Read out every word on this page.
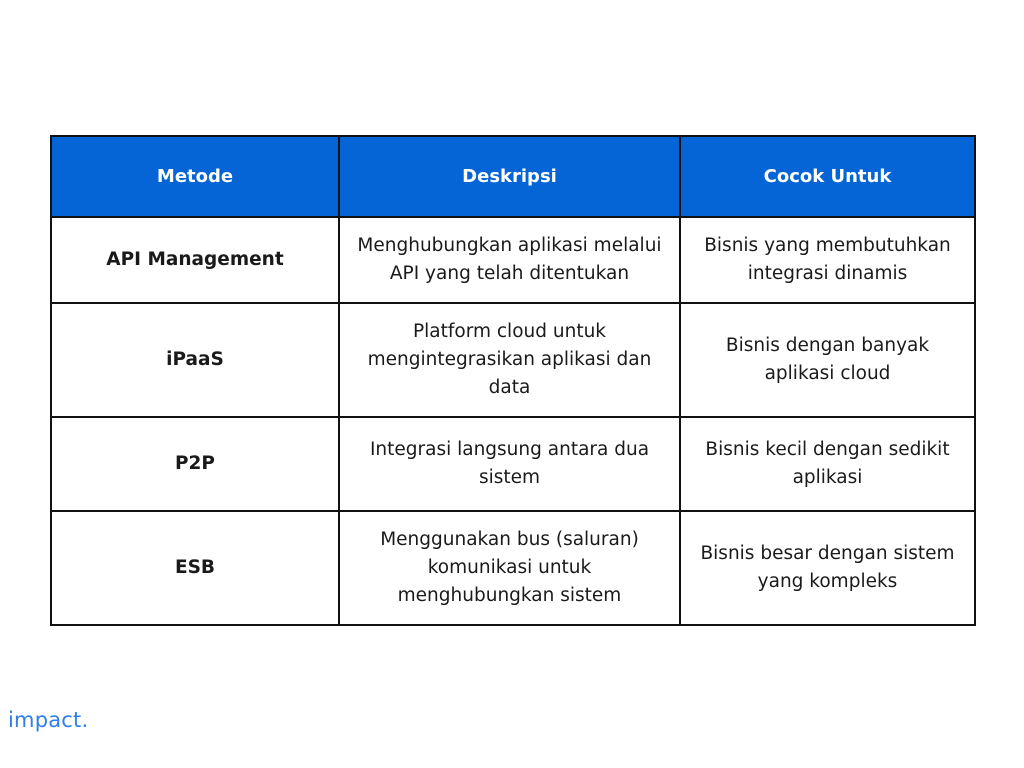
Metode	Deskripsi	Cocok Untuk
API Management	Menghubungkan aplikasi melalui API yang telah ditentukan	Bisnis yang membutuhkan integrasi dinamis
iPaaS	Platform cloud untuk mengintegrasikan aplikasi dan data	Bisnis dengan banyak aplikasi cloud
P2P	Integrasi langsung antara dua sistem	Bisnis kecil dengan sedikit aplikasi
ESB	Menggunakan bus (saluran) komunikasi untuk menghubungkan sistem	Bisnis besar dengan sistem yang kompleks
impact.
